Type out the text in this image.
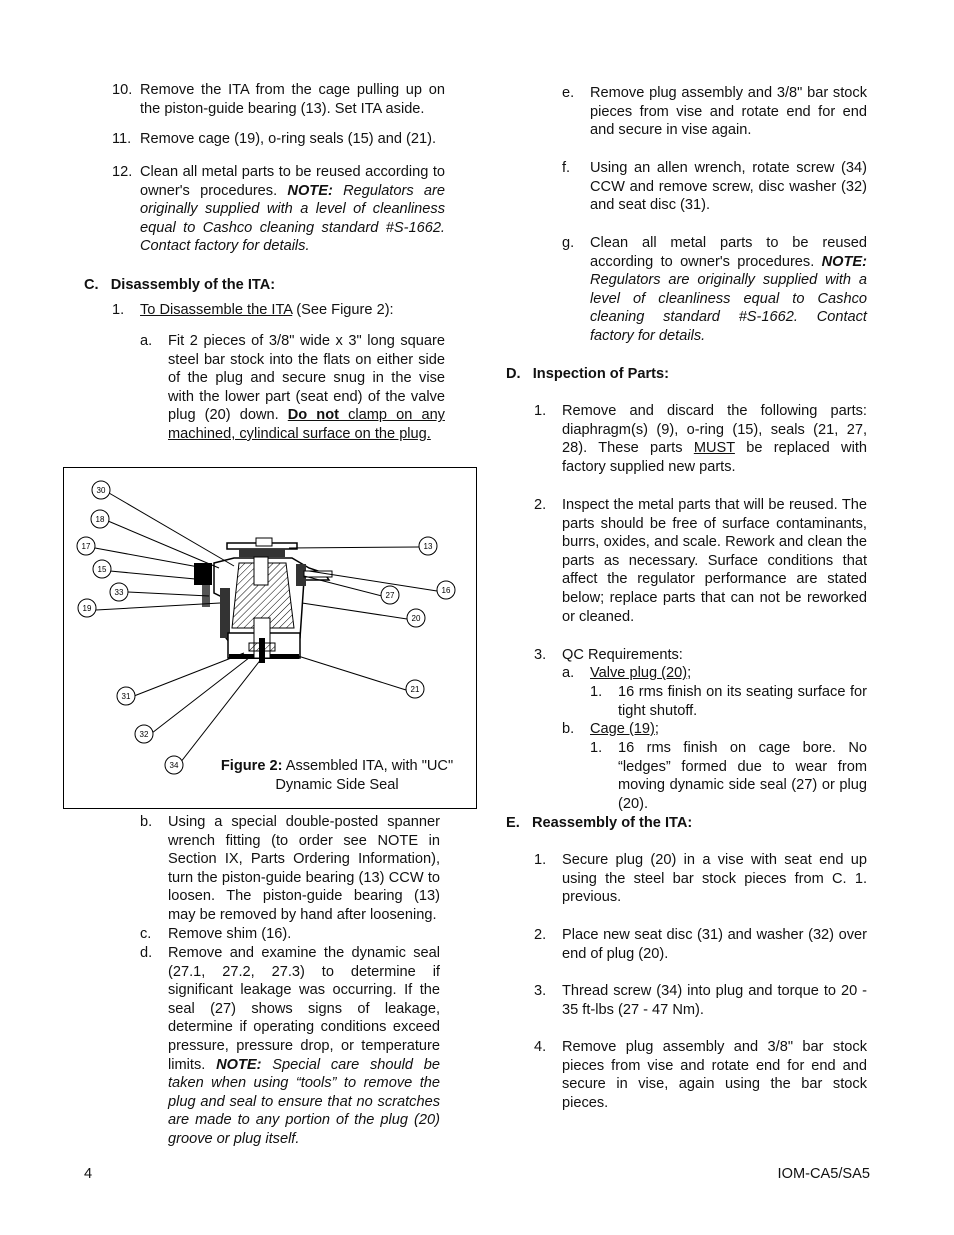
10. Remove the ITA from the cage pulling up on the piston-guide bearing (13). Set ITA aside.
11. Remove cage (19), o-ring seals (15) and (21).
12. Clean all metal parts to be reused according to owner's procedures. NOTE: Regulators are originally supplied with a level of cleanliness equal to Cashco cleaning standard #S-1662. Contact factory for details.
C.   Disassembly of the ITA:
1.	To Disassemble the ITA (See Figure 2):
a.	Fit 2 pieces of 3/8" wide x 3" long square steel bar stock into the flats on either side of the plug and secure snug in the vise with the lower part (seat end) of the valve plug (20) down. Do not clamp on any machined, cylindical surface on the plug.
30
18
17
15
33
19
13
16
27
20
21
31
32
34	Figure 2: Assembled ITA, with "UC" Dynamic Side Seal
b.	Using a special double-posted spanner wrench fitting (to order see NOTE in Section IX, Parts Ordering Information), turn the piston-guide bearing (13) CCW to loosen. The piston-guide bearing (13) may be removed by hand after loosening.
c.	Remove shim (16).
d.	Remove and examine the dynamic seal (27.1, 27.2, 27.3) to determine if significant leakage was occurring. If the seal (27) shows signs of leakage, determine if operating conditions exceed pressure, pressure drop, or temperature limits. NOTE: Special care should be taken when using “tools” to remove the plug and seal to ensure that no scratches are made to any portion of the plug (20) groove or plug itself.
e.	Remove plug assembly and 3/8" bar stock pieces from vise and rotate end for end and secure in vise again.
f.	Using an allen wrench, rotate screw (34) CCW and remove screw, disc washer (32) and seat disc (31).
g.	Clean all metal parts to be reused according to owner's procedures. NOTE: Regulators are originally supplied with a level of cleanliness equal to Cashco cleaning standard #S-1662. Contact factory for details.
D.   Inspection of Parts:
1.	Remove and discard the following parts: diaphragm(s) (9), o-ring (15), seals (21, 27, 28). These parts MUST be replaced with factory supplied new parts.
2.	Inspect the metal parts that will be reused. The parts should be free of surface contaminants, burrs, oxides, and scale. Rework and clean the parts as necessary. Surface conditions that affect the regulator performance are stated below; replace parts that can not be reworked or cleaned.
3.	QC Requirements:
a.	Valve plug (20);
1.	16 rms finish on its seating surface for tight shutoff.
b.	Cage (19);
1.	16 rms finish on cage bore. No “ledges” formed due to wear from moving dynamic side seal (27) or plug (20).
E.   Reassembly of the ITA:
1.	Secure plug (20) in a vise with seat end up using the steel bar stock pieces from C. 1. previous.
2.	Place new seat disc (31) and washer (32) over end of plug (20).
3.	Thread screw (34) into plug and torque to 20 - 35 ft-lbs (27 - 47 Nm).
4.	Remove plug assembly and 3/8" bar stock pieces from vise and rotate end for end and secure in vise, again using the bar stock pieces.
4	IOM-CA5/SA5
